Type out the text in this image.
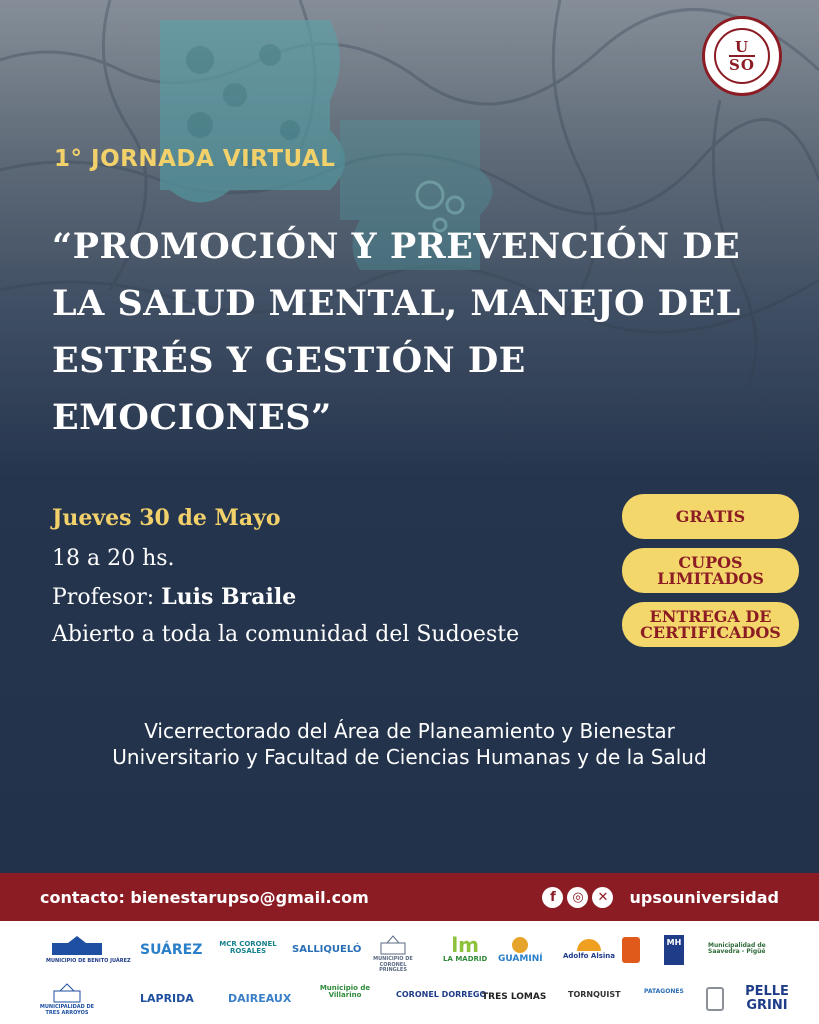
U
SO
1° JORNADA VIRTUAL
“PROMOCIÓN Y PREVENCIÓN DE LA SALUD MENTAL, MANEJO DEL ESTRÉS Y GESTIÓN DE EMOCIONES”
Jueves 30 de Mayo
18 a 20 hs.
Profesor: Luis Braile
Abierto a toda la comunidad del Sudoeste
GRATIS
CUPOS
LIMITADOS
ENTREGA DE
CERTIFICADOS
Vicerrectorado del Área de Planeamiento y Bienestar
Universitario y Facultad de Ciencias Humanas y de la Salud
contacto: bienestarupso@gmail.com	f	◎	✕	upsouniversidad
MUNICIPIO DE BENITO JUÁREZ
SUÁREZ MCR CORONEL ROSALES	SALLIQUELÓ
MUNICIPIO DE CORONEL PRINGLES
lm
LA MADRID GUAMINÍ	Adolfo Alsina
MH	Municipalidad de Saavedra - Pigüé
MUNICIPALIDAD DE TRES ARROYOS
LAPRIDA	DAIREAUX
Municipio de Villarino	CORONEL DORREGO
TRES LOMAS	TORNQUIST	PATAGONES	PELLE GRINI
